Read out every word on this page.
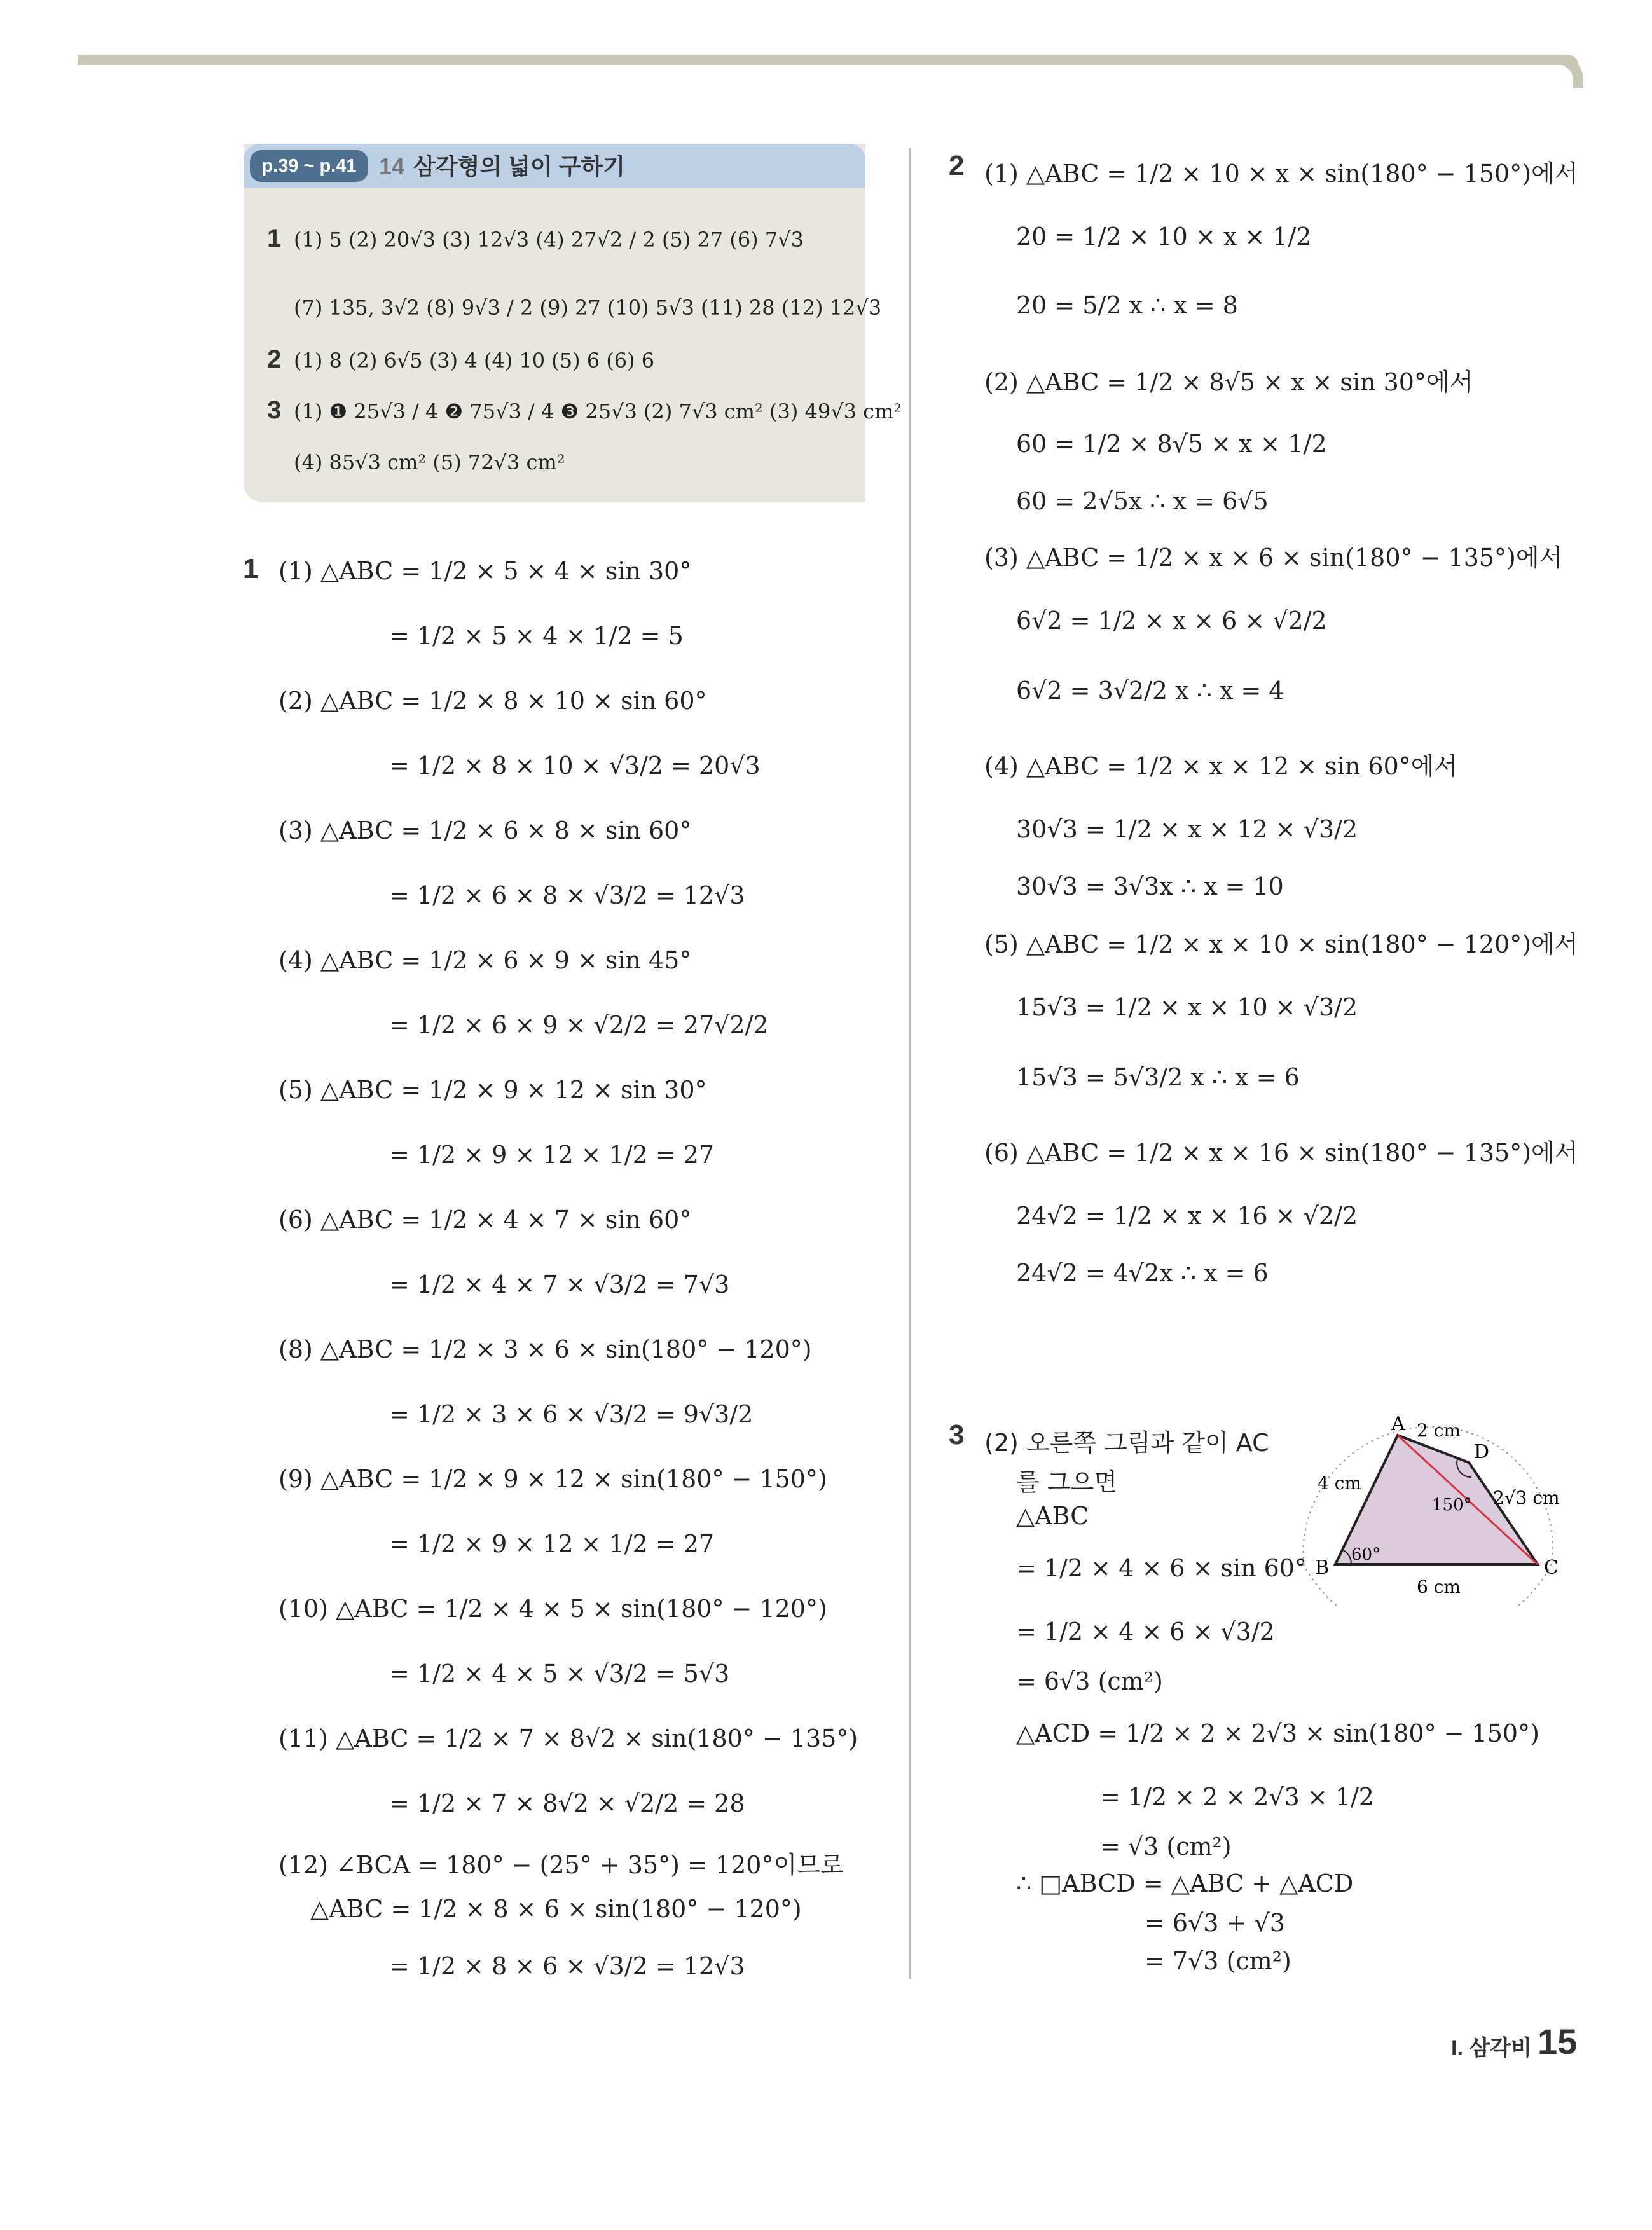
p.39 ~ p.41 14 삼각형의 넓이 구하기
1 (1) 5 (2) 20√3 (3) 12√3 (4) 27√2 / 2 (5) 27 (6) 7√3
(7) 135, 3√2 (8) 9√3 / 2 (9) 27 (10) 5√3 (11) 28 (12) 12√3
2 (1) 8 (2) 6√5 (3) 4 (4) 10 (5) 6 (6) 6
3 (1) ❶ 25√3 / 4 ❷ 75√3 / 4 ❸ 25√3 (2) 7√3 cm² (3) 49√3 cm²
(4) 85√3 cm² (5) 72√3 cm²
1 (1) △ABC = 1/2 × 5 × 4 × sin 30°
= 1/2 × 5 × 4 × 1/2 = 5
(2) △ABC = 1/2 × 8 × 10 × sin 60°
= 1/2 × 8 × 10 × √3/2 = 20√3
(3) △ABC = 1/2 × 6 × 8 × sin 60°
= 1/2 × 6 × 8 × √3/2 = 12√3
(4) △ABC = 1/2 × 6 × 9 × sin 45°
= 1/2 × 6 × 9 × √2/2 = 27√2/2
(5) △ABC = 1/2 × 9 × 12 × sin 30°
= 1/2 × 9 × 12 × 1/2 = 27
(6) △ABC = 1/2 × 4 × 7 × sin 60°
= 1/2 × 4 × 7 × √3/2 = 7√3
(8) △ABC = 1/2 × 3 × 6 × sin(180° − 120°)
= 1/2 × 3 × 6 × √3/2 = 9√3/2
(9) △ABC = 1/2 × 9 × 12 × sin(180° − 150°)
= 1/2 × 9 × 12 × 1/2 = 27
(10) △ABC = 1/2 × 4 × 5 × sin(180° − 120°)
= 1/2 × 4 × 5 × √3/2 = 5√3
(11) △ABC = 1/2 × 7 × 8√2 × sin(180° − 135°)
= 1/2 × 7 × 8√2 × √2/2 = 28
(12) ∠BCA = 180° − (25° + 35°) = 120°이므로
△ABC = 1/2 × 8 × 6 × sin(180° − 120°)
= 1/2 × 8 × 6 × √3/2 = 12√3
2 (1) △ABC = 1/2 × 10 × x × sin(180° − 150°)에서
20 = 1/2 × 10 × x × 1/2
20 = 5/2 x ∴ x = 8
(2) △ABC = 1/2 × 8√5 × x × sin 30°에서
60 = 1/2 × 8√5 × x × 1/2
60 = 2√5x ∴ x = 6√5
(3) △ABC = 1/2 × x × 6 × sin(180° − 135°)에서
6√2 = 1/2 × x × 6 × √2/2
6√2 = 3√2/2 x ∴ x = 4
(4) △ABC = 1/2 × x × 12 × sin 60°에서
30√3 = 1/2 × x × 12 × √3/2
30√3 = 3√3x ∴ x = 10
(5) △ABC = 1/2 × x × 10 × sin(180° − 120°)에서
15√3 = 1/2 × x × 10 × √3/2
15√3 = 5√3/2 x ∴ x = 6
(6) △ABC = 1/2 × x × 16 × sin(180° − 135°)에서
24√2 = 1/2 × x × 16 × √2/2
24√2 = 4√2x ∴ x = 6
3 (2) 오른쪽 그림과 같이 AC
를 그으면
△ABC
= 1/2 × 4 × 6 × sin 60°
= 1/2 × 4 × 6 × √3/2
= 6√3 (cm²)
△ACD = 1/2 × 2 × 2√3 × sin(180° − 150°)
= 1/2 × 2 × 2√3 × 1/2
= √3 (cm²)
∴ □ABCD = △ABC + △ACD
= 6√3 + √3
= 7√3 (cm²)
A
B	C
D
4 cm
2 cm
2√3 cm
6 cm
60°
150°
I. 삼각비 15
